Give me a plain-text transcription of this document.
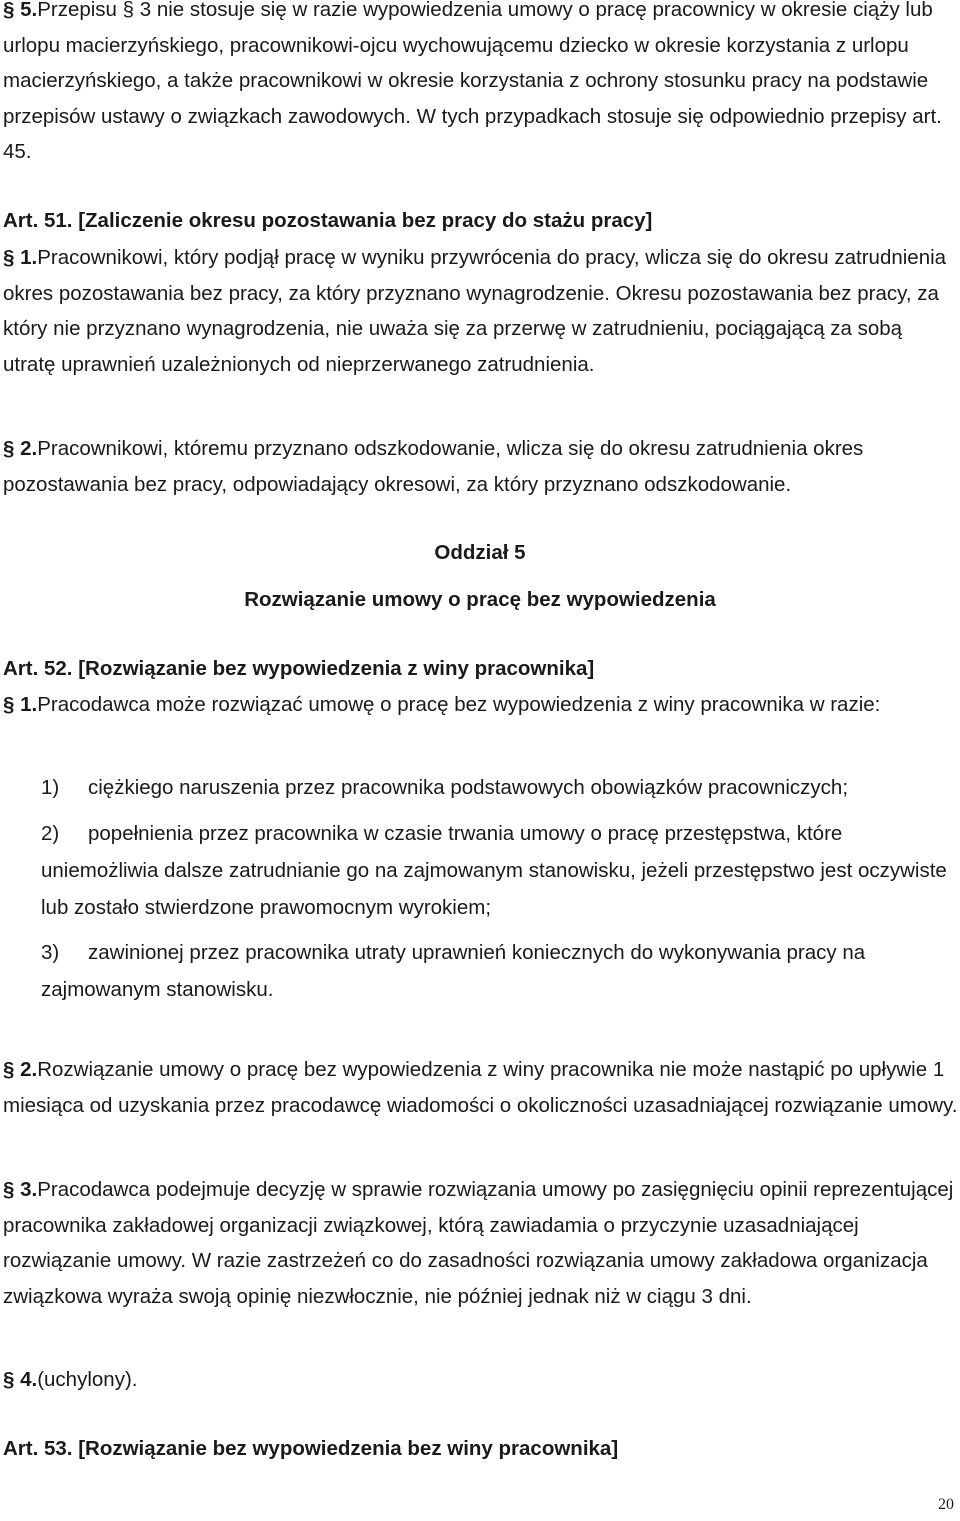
§ 5.Przepisu § 3 nie stosuje się w razie wypowiedzenia umowy o pracę pracownicy w okresie ciąży lub urlopu macierzyńskiego, pracownikowi-ojcu wychowującemu dziecko w okresie korzystania z urlopu macierzyńskiego, a także pracownikowi w okresie korzystania z ochrony stosunku pracy na podstawie przepisów ustawy o związkach zawodowych. W tych przypadkach stosuje się odpowiednio przepisy art. 45.

Art. 51. [Zaliczenie okresu pozostawania bez pracy do stażu pracy]

§ 1.Pracownikowi, który podjął pracę w wyniku przywrócenia do pracy, wlicza się do okresu zatrudnienia okres pozostawania bez pracy, za który przyznano wynagrodzenie. Okresu pozostawania bez pracy, za który nie przyznano wynagrodzenia, nie uważa się za przerwę w zatrudnieniu, pociągającą za sobą utratę uprawnień uzależnionych od nieprzerwanego zatrudnienia.

§ 2.Pracownikowi, któremu przyznano odszkodowanie, wlicza się do okresu zatrudnienia okres pozostawania bez pracy, odpowiadający okresowi, za który przyznano odszkodowanie.

Oddział 5

Rozwiązanie umowy o pracę bez wypowiedzenia

Art. 52. [Rozwiązanie bez wypowiedzenia z winy pracownika]

§ 1.Pracodawca może rozwiązać umowę o pracę bez wypowiedzenia z winy pracownika w razie:

1) ciężkiego naruszenia przez pracownika podstawowych obowiązków pracowniczych;

2) popełnienia przez pracownika w czasie trwania umowy o pracę przestępstwa, które uniemożliwia dalsze zatrudnianie go na zajmowanym stanowisku, jeżeli przestępstwo jest oczywiste lub zostało stwierdzone prawomocnym wyrokiem;

3) zawinionej przez pracownika utraty uprawnień koniecznych do wykonywania pracy na zajmowanym stanowisku.

§ 2.Rozwiązanie umowy o pracę bez wypowiedzenia z winy pracownika nie może nastąpić po upływie 1 miesiąca od uzyskania przez pracodawcę wiadomości o okoliczności uzasadniającej rozwiązanie umowy.

§ 3.Pracodawca podejmuje decyzję w sprawie rozwiązania umowy po zasięgnięciu opinii reprezentującej pracownika zakładowej organizacji związkowej, którą zawiadamia o przyczynie uzasadniającej rozwiązanie umowy. W razie zastrzeżeń co do zasadności rozwiązania umowy zakładowa organizacja związkowa wyraża swoją opinię niezwłocznie, nie później jednak niż w ciągu 3 dni.

§ 4.(uchylony).

Art. 53. [Rozwiązanie bez wypowiedzenia bez winy pracownika]

20
